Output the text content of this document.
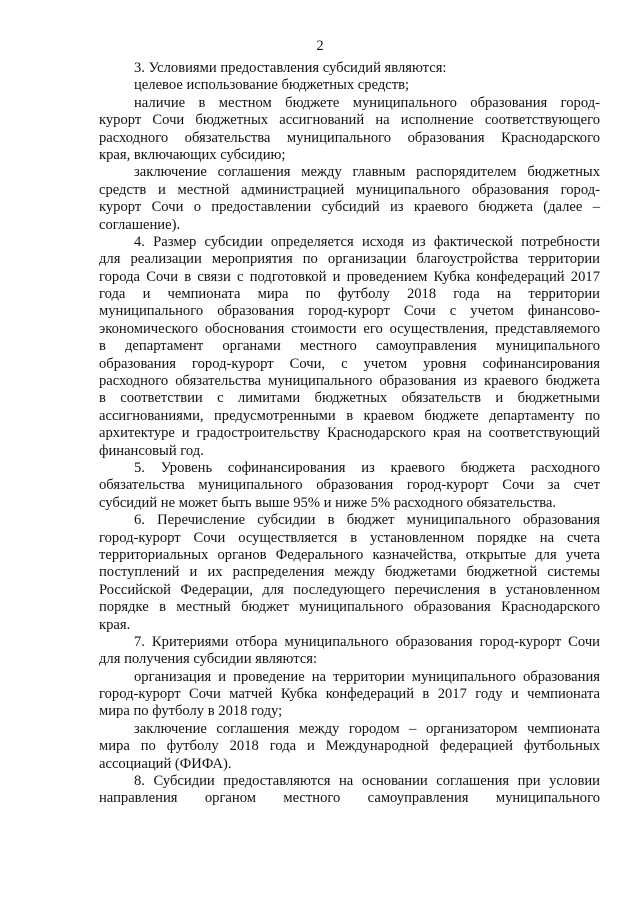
2
3. Условиями предоставления субсидий являются:
целевое использование бюджетных средств;
наличие в местном бюджете муниципального образования город-
курорт Сочи бюджетных ассигнований на исполнение соответствующего
расходного обязательства муниципального образования Краснодарского
края, включающих субсидию;
заключение соглашения между главным распорядителем бюджетных
средств и местной администрацией муниципального образования город-
курорт Сочи о предоставлении субсидий из краевого бюджета (далее –
соглашение).
4. Размер субсидии определяется исходя из фактической потребности
для реализации мероприятия по организации благоустройства территории
города Сочи в связи с подготовкой и проведением Кубка конфедераций 2017
года и чемпионата мира по футболу 2018 года на территории
муниципального образования город-курорт Сочи с учетом финансово-
экономического обоснования стоимости его осуществления, представляемого
в департамент органами местного самоуправления муниципального
образования город-курорт Сочи, с учетом уровня софинансирования
расходного обязательства муниципального образования из краевого бюджета
в соответствии с лимитами бюджетных обязательств и бюджетными
ассигнованиями, предусмотренными в краевом бюджете департаменту по
архитектуре и градостроительству Краснодарского края на соответствующий
финансовый год.
5. Уровень софинансирования из краевого бюджета расходного
обязательства муниципального образования город-курорт Сочи за счет
субсидий не может быть выше 95% и ниже 5% расходного обязательства.
6. Перечисление субсидии в бюджет муниципального образования
город-курорт Сочи осуществляется в установленном порядке на счета
территориальных органов Федерального казначейства, открытые для учета
поступлений и их распределения между бюджетами бюджетной системы
Российской Федерации, для последующего перечисления в установленном
порядке в местный бюджет муниципального образования Краснодарского
края.
7. Критериями отбора муниципального образования город-курорт Сочи
для получения субсидии являются:
организация и проведение на территории муниципального образования
город-курорт Сочи матчей Кубка конфедераций в 2017 году и чемпионата
мира по футболу в 2018 году;
заключение соглашения между городом – организатором чемпионата
мира по футболу 2018 года и Международной федерацией футбольных
ассоциаций (ФИФА).
8. Субсидии предоставляются на основании соглашения при условии
направления органом местного самоуправления муниципального
